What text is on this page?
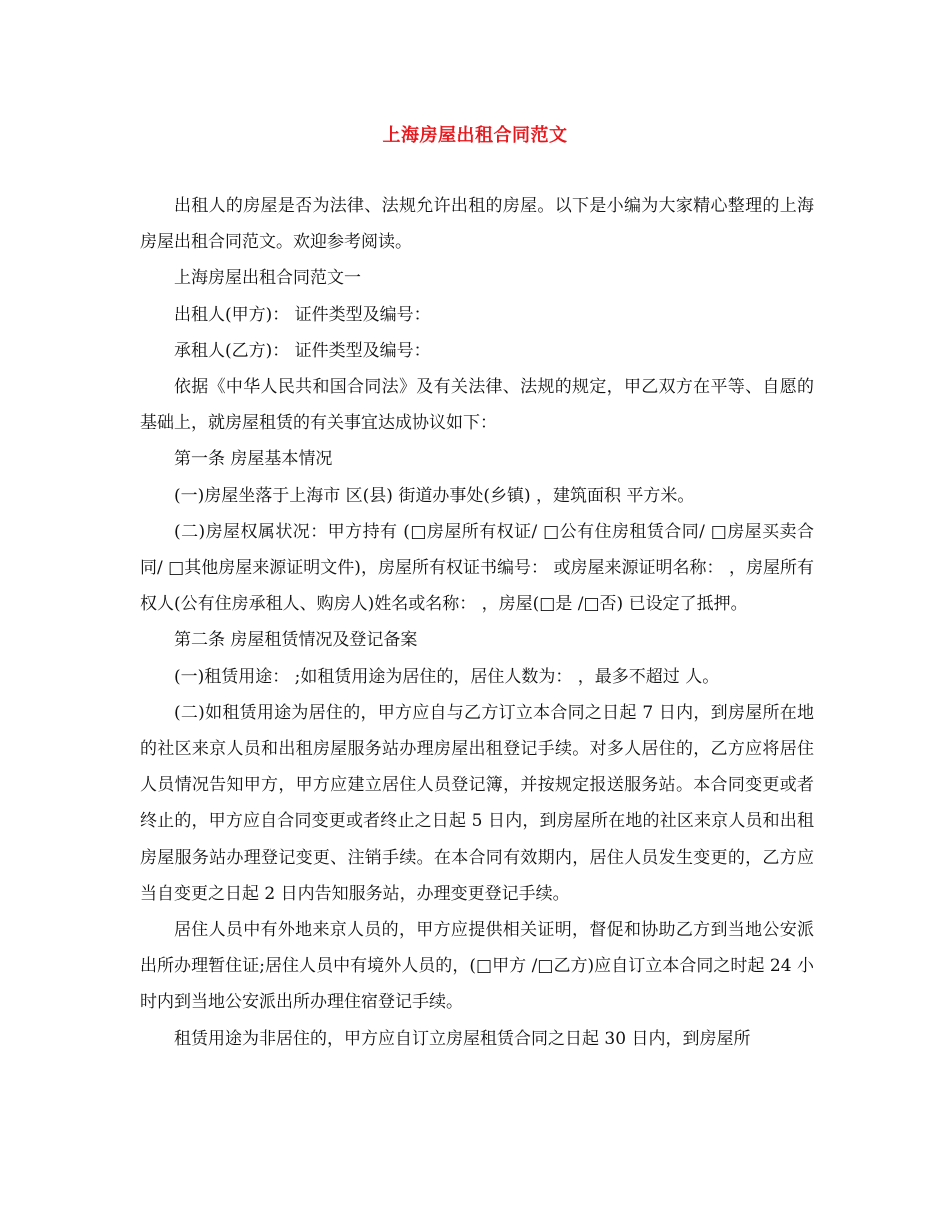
上海房屋出租合同范文

出租人的房屋是否为法律、法规允许出租的房屋。以下是小编为大家精心整理的上海房屋出租合同范文。欢迎参考阅读。

上海房屋出租合同范文一

出租人(甲方)： 证件类型及编号：

承租人(乙方)： 证件类型及编号：

依据《中华人民共和国合同法》及有关法律、法规的规定，甲乙双方在平等、自愿的基础上，就房屋租赁的有关事宜达成协议如下：

第一条 房屋基本情况

(一)房屋坐落于上海市 区(县) 街道办事处(乡镇) ，建筑面积 平方米。

(二)房屋权属状况：甲方持有 (□房屋所有权证/ □公有住房租赁合同/ □房屋买卖合同/ □其他房屋来源证明文件)，房屋所有权证书编号： 或房屋来源证明名称： ，房屋所有权人(公有住房承租人、购房人)姓名或名称： ，房屋(□是 /□否) 已设定了抵押。

第二条 房屋租赁情况及登记备案

(一)租赁用途： ;如租赁用途为居住的，居住人数为： ，最多不超过 人。

(二)如租赁用途为居住的，甲方应自与乙方订立本合同之日起 7 日内，到房屋所在地的社区来京人员和出租房屋服务站办理房屋出租登记手续。对多人居住的，乙方应将居住人员情况告知甲方，甲方应建立居住人员登记簿，并按规定报送服务站。本合同变更或者终止的，甲方应自合同变更或者终止之日起 5 日内，到房屋所在地的社区来京人员和出租房屋服务站办理登记变更、注销手续。在本合同有效期内，居住人员发生变更的，乙方应当自变更之日起 2 日内告知服务站，办理变更登记手续。

居住人员中有外地来京人员的，甲方应提供相关证明，督促和协助乙方到当地公安派出所办理暂住证;居住人员中有境外人员的，(□甲方 /□乙方)应自订立本合同之时起 24 小时内到当地公安派出所办理住宿登记手续。

租赁用途为非居住的，甲方应自订立房屋租赁合同之日起 30 日内，到房屋所
